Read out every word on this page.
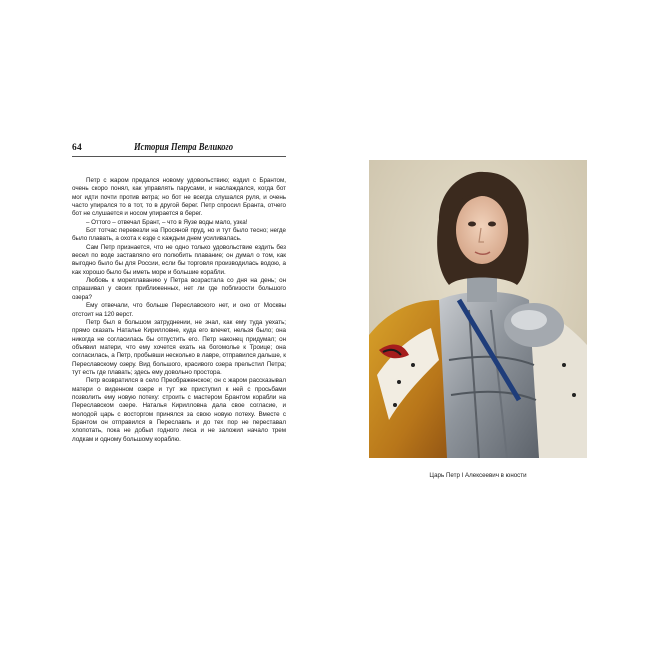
64	История Петра Великого

Петр с жаром предался новому удовольствию; ездил с Брантом, очень скоро понял, как управлять парусами, и наслаждался, когда бот мог идти почти против ветра; но бот не всегда слушался руля, и очень часто упирался то в тот, то в другой берег. Петр спросил Бранта, отчего бот не слушается и носом упирается в берег.

– Оттого – отвечал Брант, – что в Яузе воды мало, узка!

Бот тотчас перевезли на Просяной пруд, но и тут было тесно; негде было плавать, а охота к езде с каждым днем усиливалась.

Сам Петр признается, что не одно только удовольствие ездить без весел по воде заставляло его полюбить плавание; он думал о том, как выгодно было бы для России, если бы торговля производилась водою, а как хорошо было бы иметь море и большие корабли.

Любовь к мореплаванию у Петра возрастала со дня на день; он спрашивал у своих приближенных, нет ли где поблизости большого озера?

Ему отвечали, что больше Переславского нет, и оно от Москвы отстоит на 120 верст.

Петр был в большом затруднении, не знал, как ему туда уехать; прямо сказать Наталье Кирилловне, куда его влечет, нельзя было; она никогда не согласилась бы отпустить его. Петр наконец придумал; он объявил матери, что ему хочется ехать на богомолье к Троице; она согласилась, а Петр, пробывши несколько в лавре, отправился дальше, к Переславскому озеру. Вид большого, красивого озера прельстил Петра; тут есть где плавать; здесь ему довольно простора.

Петр возвратился в село Преображенское; он с жаром рассказывал матери о виденном озере и тут же приступил к ней с просьбами позволить ему новую потеху: строить с мастером Брантом корабли на Переславском озере. Наталья Кирилловна дала свое согласие, и молодой царь с восторгом принялся за свою новую потеху. Вместе с Брантом он отправился в Переславль и до тех пор не переставал хлопотать, пока не добыл годного леса и не заложил начало трем лодкам и одному большому кораблю.

Царь Петр I Алексеевич в юности
